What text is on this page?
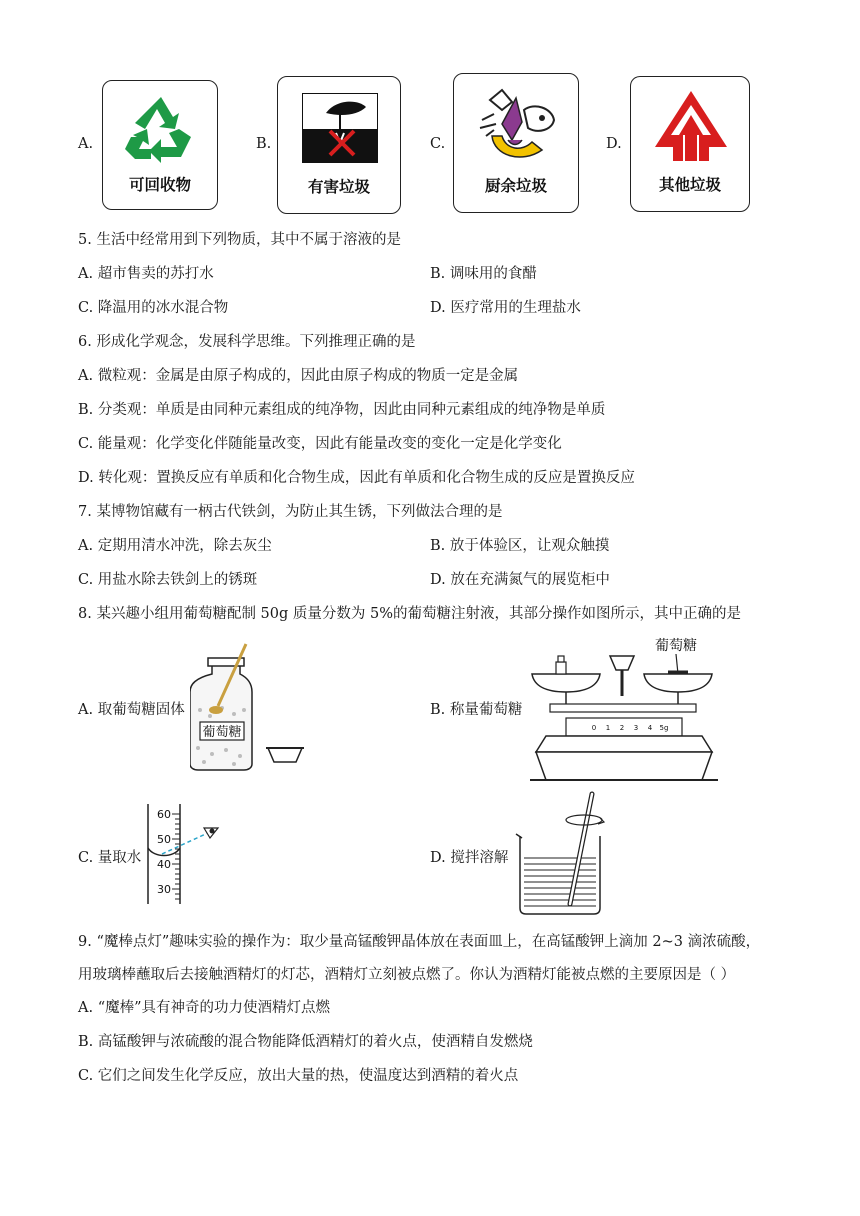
A.
可回收物
B.
有害垃圾
C.
厨余垃圾
D.
其他垃圾
5. 生活中经常用到下列物质，其中不属于溶液的是
A. 超市售卖的苏打水	B. 调味用的食醋
C. 降温用的冰水混合物	D. 医疗常用的生理盐水
6. 形成化学观念，发展科学思维。下列推理正确的是
A. 微粒观：金属是由原子构成的，因此由原子构成的物质一定是金属
B. 分类观：单质是由同种元素组成的纯净物，因此由同种元素组成的纯净物是单质
C. 能量观：化学变化伴随能量改变，因此有能量改变的变化一定是化学变化
D. 转化观：置换反应有单质和化合物生成，因此有单质和化合物生成的反应是置换反应
7. 某博物馆藏有一柄古代铁剑，为防止其生锈，下列做法合理的是
A. 定期用清水冲洗，除去灰尘	B. 放于体验区，让观众触摸
C. 用盐水除去铁剑上的锈斑	D. 放在充满氮气的展览柜中
8. 某兴趣小组用葡萄糖配制 50g 质量分数为 5%的葡萄糖注射液，其部分操作如图所示，其中正确的是
A. 取葡萄糖固体
葡萄糖
B. 称量葡萄糖
葡萄糖
0 1 2 3 4 5g
C. 量取水
60
50
40
30
D. 搅拌溶解
9. “魔棒点灯”趣味实验的操作为：取少量高锰酸钾晶体放在表面皿上，在高锰酸钾上滴加 2~3 滴浓硫酸，
用玻璃棒蘸取后去接触酒精灯的灯芯，酒精灯立刻被点燃了。你认为酒精灯能被点燃的主要原因是（ ）
A. “魔棒”具有神奇的功力使酒精灯点燃
B. 高锰酸钾与浓硫酸的混合物能降低酒精灯的着火点，使酒精自发燃烧
C. 它们之间发生化学反应，放出大量的热，使温度达到酒精的着火点
